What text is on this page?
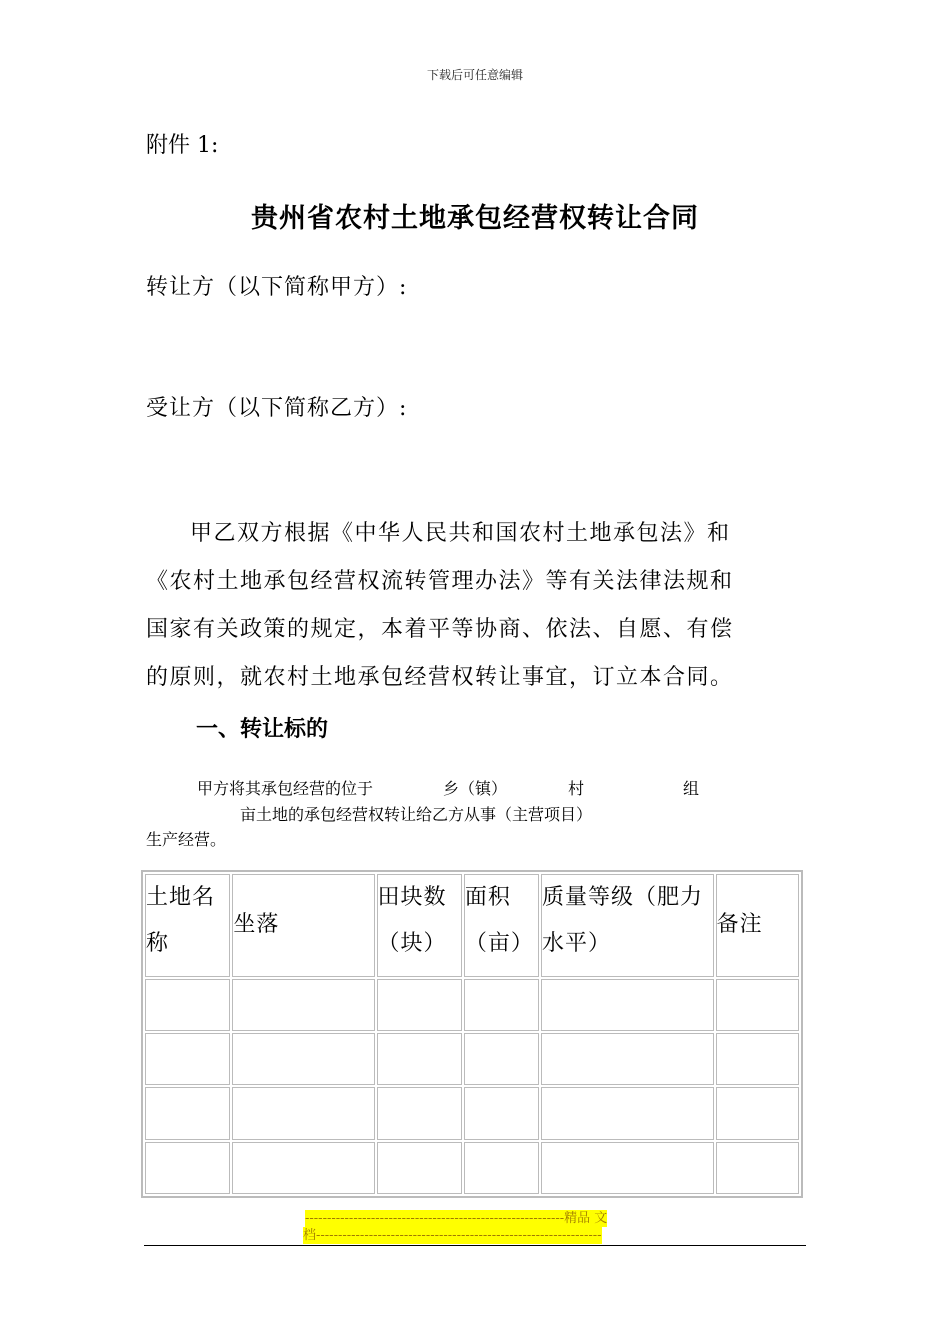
下载后可任意编辑
附件 1:
贵州省农村土地承包经营权转让合同
转让方（以下简称甲方）:
受让方（以下简称乙方）:
甲乙双方根据《中华人民共和国农村土地承包法》和
《农村土地承包经营权流转管理办法》等有关法律法规和
国家有关政策的规定，本着平等协商、依法、自愿、有偿
的原则，就农村土地承包经营权转让事宜，订立本合同。
一、转让标的
甲方将其承包经营的位于	乡（镇）	村	组
亩土地的承包经营权转让给乙方从事（主营项目）
生产经营。
土地名称	坐落	田块数（块）	面积（亩）	质量等级（肥力水平）	备注

-----------------------------------------------------------精品 文
档-----------------------------------------------------------------
